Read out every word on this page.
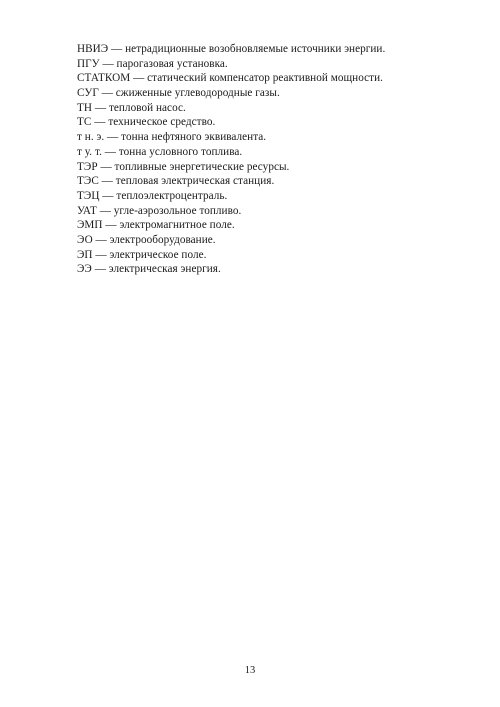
НВИЭ — нетрадиционные возобновляемые источники энергии.
ПГУ — парогазовая установка.
СТАТКОМ — статический компенсатор реактивной мощности.
СУГ — сжиженные углеводородные газы.
ТН — тепловой насос.
ТС — техническое средство.
т н. э. — тонна нефтяного эквивалента.
т у. т. — тонна условного топлива.
ТЭР — топливные энергетические ресурсы.
ТЭС — тепловая электрическая станция.
ТЭЦ — теплоэлектроцентраль.
УАТ — угле-аэрозольное топливо.
ЭМП — электромагнитное поле.
ЭО — электрооборудование.
ЭП — электрическое поле.
ЭЭ — электрическая энергия.
13
